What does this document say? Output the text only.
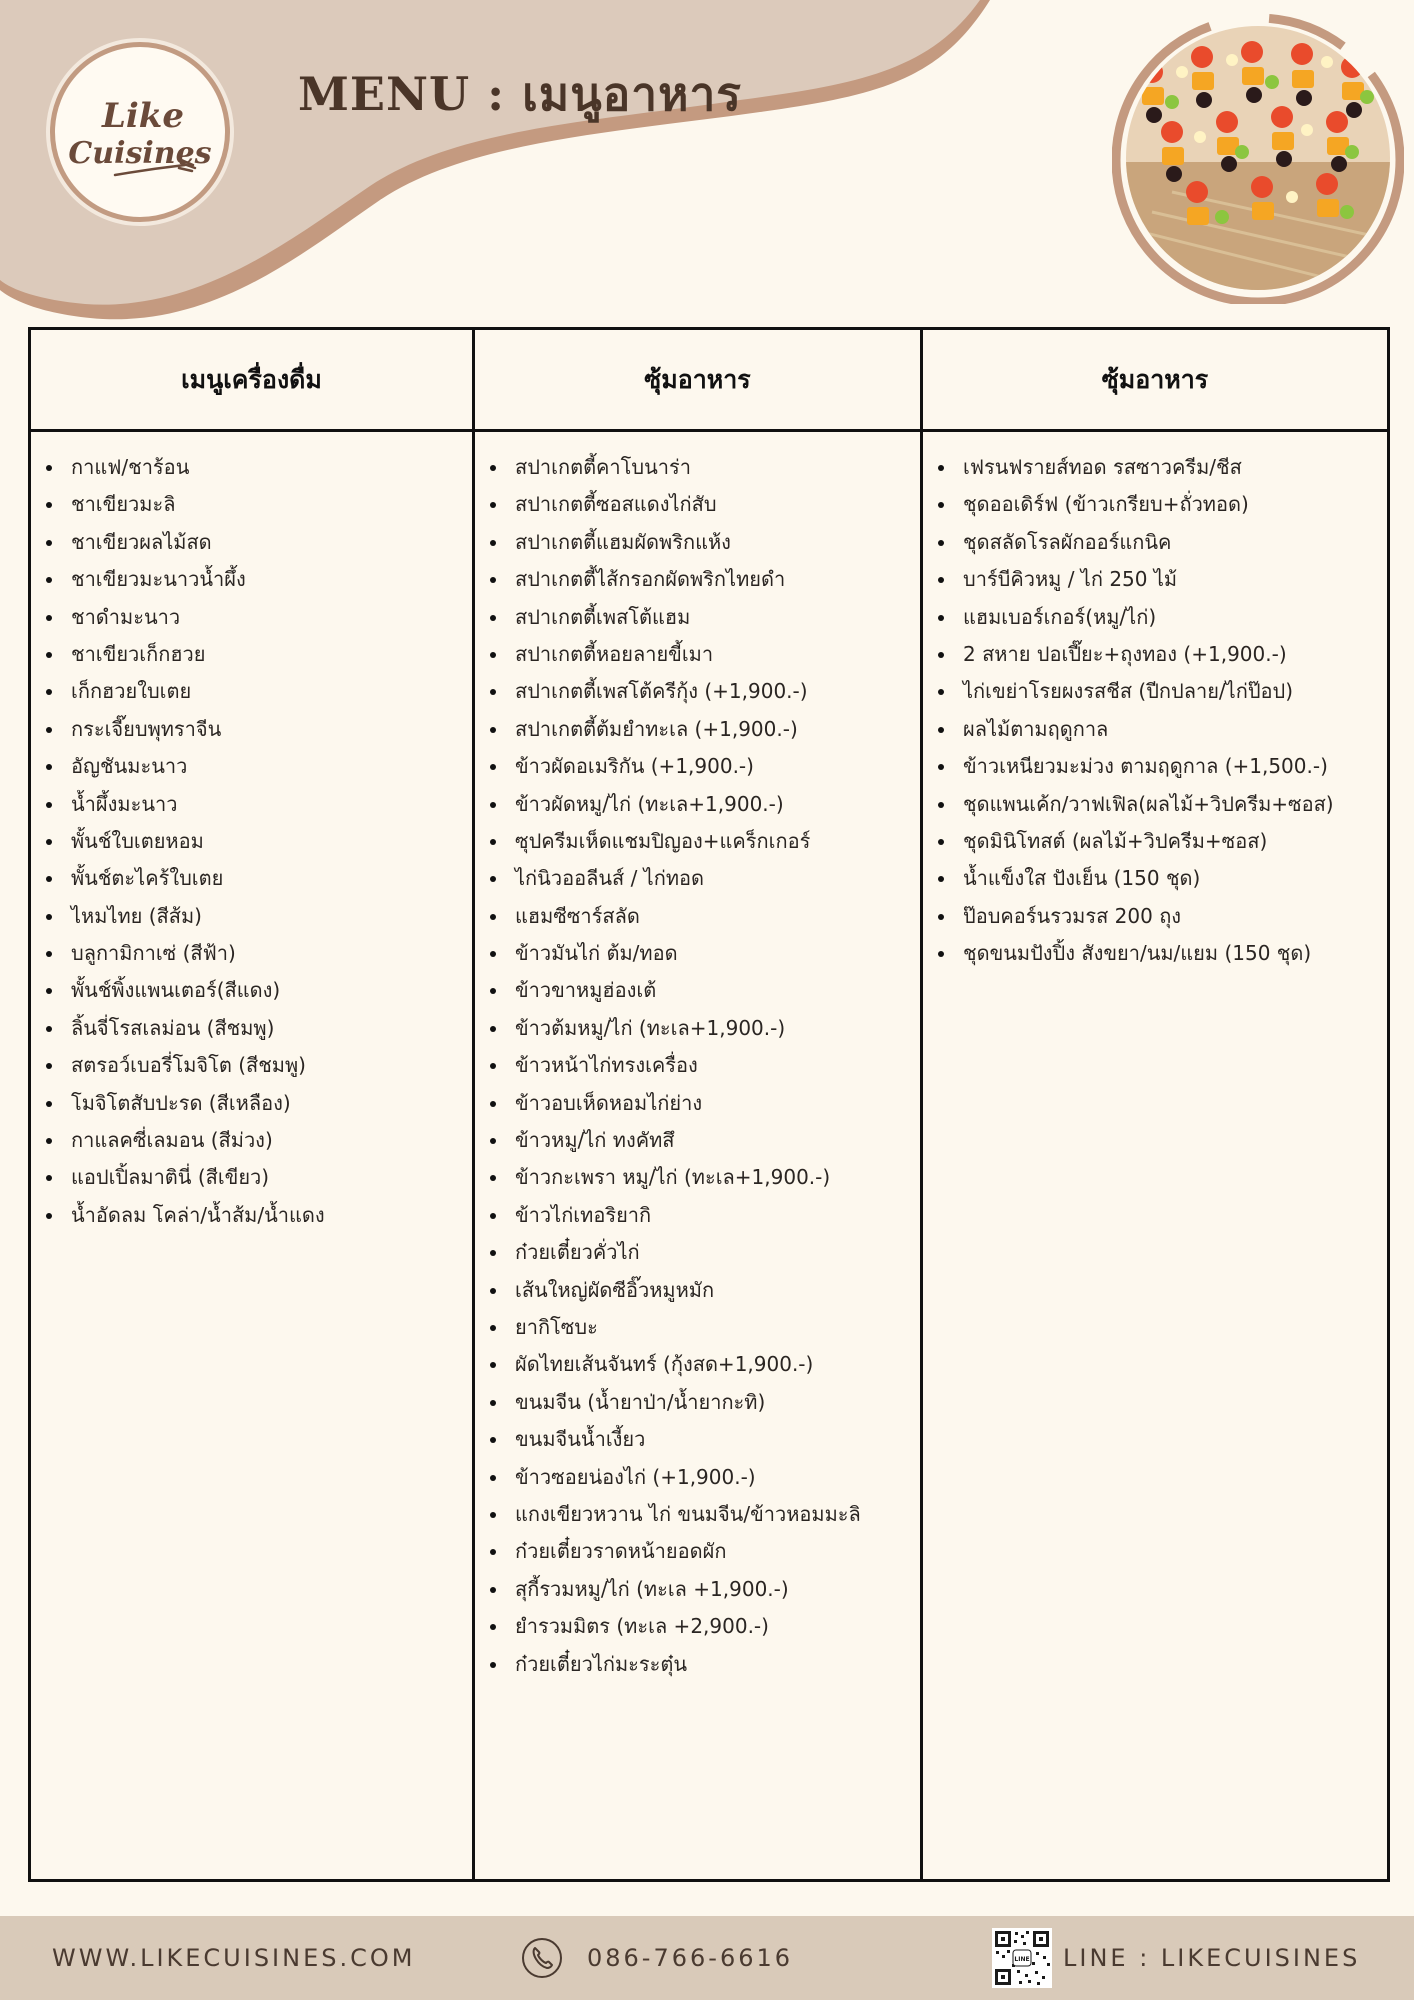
Like
Cuisines
MENU : เมนูอาหาร
เมนูเครื่องดื่ม
กาแฟ/ชาร้อน
ชาเขียวมะลิ
ชาเขียวผลไม้สด
ชาเขียวมะนาวน้ำผึ้ง
ชาดำมะนาว
ชาเขียวเก็กฮวย
เก็กฮวยใบเตย
กระเจี๊ยบพุทราจีน
อัญชันมะนาว
น้ำผึ้งมะนาว
พั้นช์ใบเตยหอม
พั้นช์ตะไคร้ใบเตย
ไหมไทย (สีส้ม)
บลูกามิกาเซ่ (สีฟ้า)
พั้นช์พิ้งแพนเตอร์(สีแดง)
ลิ้นจี่โรสเลม่อน (สีชมพู)
สตรอว์เบอรี่โมจิโต (สีชมพู)
โมจิโตสับปะรด (สีเหลือง)
กาแลคซี่เลมอน (สีม่วง)
แอปเปิ้ลมาตินี่ (สีเขียว)
น้ำอัดลม โคล่า/น้ำส้ม/น้ำแดง
ซุ้มอาหาร
สปาเกตตี้คาโบนาร่า
สปาเกตตี้ซอสแดงไก่สับ
สปาเกตตี้แฮมผัดพริกแห้ง
สปาเกตตี้ไส้กรอกผัดพริกไทยดำ
สปาเกตตี้เพสโต้แฮม
สปาเกตตี้หอยลายขี้เมา
สปาเกตตี้เพสโต้ครีกุ้ง (+1,900.-)
สปาเกตตี้ต้มยำทะเล (+1,900.-)
ข้าวผัดอเมริกัน (+1,900.-)
ข้าวผัดหมู/ไก่ (ทะเล+1,900.-)
ซุปครีมเห็ดแชมปิญอง+แคร็กเกอร์
ไก่นิวออลีนส์ / ไก่ทอด
แฮมซีซาร์สลัด
ข้าวมันไก่ ต้ม/ทอด
ข้าวขาหมูฮ่องเต้
ข้าวต้มหมู/ไก่ (ทะเล+1,900.-)
ข้าวหน้าไก่ทรงเครื่อง
ข้าวอบเห็ดหอมไก่ย่าง
ข้าวหมู/ไก่ ทงคัทสึ
ข้าวกะเพรา หมู/ไก่ (ทะเล+1,900.-)
ข้าวไก่เทอริยากิ
ก๋วยเตี๋ยวคั่วไก่
เส้นใหญ่ผัดซีอิ๊วหมูหมัก
ยากิโซบะ
ผัดไทยเส้นจันทร์ (กุ้งสด+1,900.-)
ขนมจีน (น้ำยาป่า/น้ำยากะทิ)
ขนมจีนน้ำเงี้ยว
ข้าวซอยน่องไก่ (+1,900.-)
แกงเขียวหวาน ไก่ ขนมจีน/ข้าวหอมมะลิ
ก๋วยเตี๋ยวราดหน้ายอดผัก
สุกี้รวมหมู/ไก่ (ทะเล +1,900.-)
ยำรวมมิตร (ทะเล +2,900.-)
ก๋วยเตี๋ยวไก่มะระตุ๋น
ซุ้มอาหาร
เฟรนฟรายส์ทอด รสซาวครีม/ชีส
ชุดออเดิร์ฟ (ข้าวเกรียบ+ถั่วทอด)
ชุดสลัดโรลผักออร์แกนิค
บาร์บีคิวหมู / ไก่ 250 ไม้
แฮมเบอร์เกอร์(หมู/ไก่)
2 สหาย ปอเปี๊ยะ+ถุงทอง (+1,900.-)
ไก่เขย่าโรยผงรสชีส (ปีกปลาย/ไก่ป๊อป)
ผลไม้ตามฤดูกาล
ข้าวเหนียวมะม่วง ตามฤดูกาล (+1,500.-)
ชุดแพนเค้ก/วาฟเฟิล(ผลไม้+วิปครีม+ซอส)
ชุดมินิโทสต์ (ผลไม้+วิปครีม+ซอส)
น้ำแข็งใส ปังเย็น (150 ชุด)
ป๊อบคอร์นรวมรส 200 ถุง
ชุดขนมปังปิ้ง สังขยา/นม/แยม (150 ชุด)
WWW.LIKECUISINES.COM	086-766-6616	LINE LINE : LIKECUISINES
